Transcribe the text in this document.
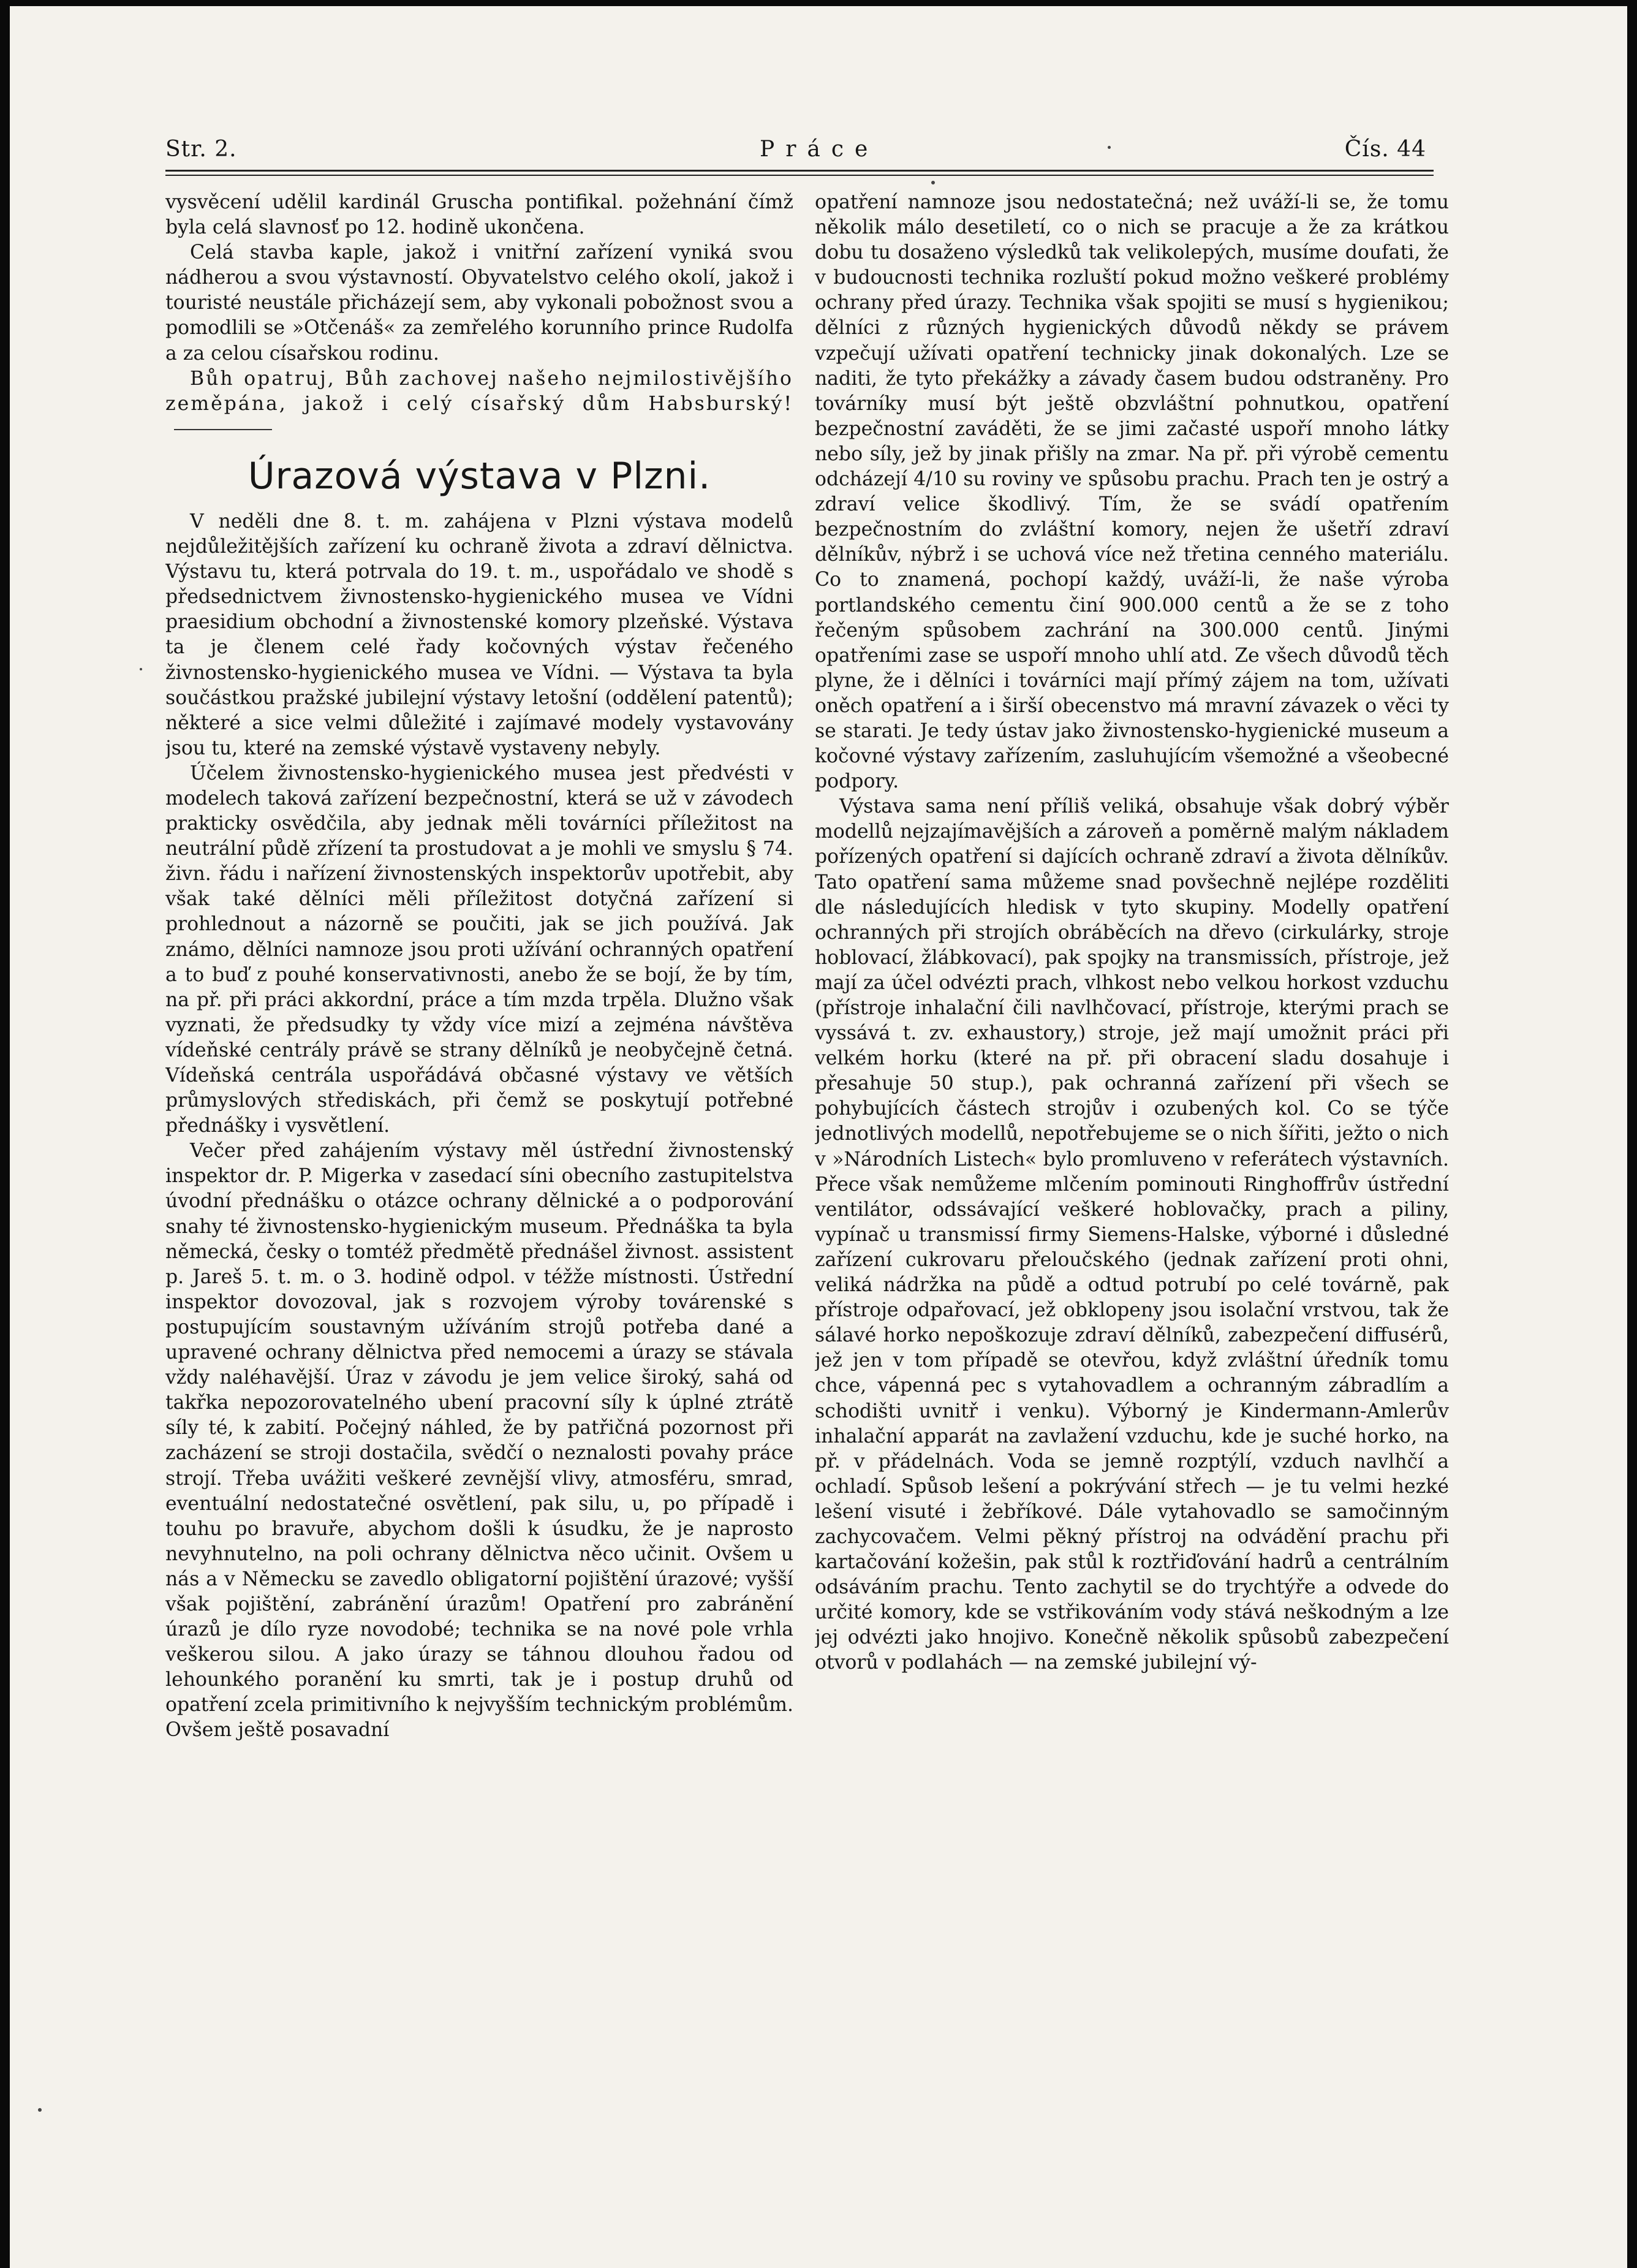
Str. 2.	Práce	Čís. 44

vysvěcení udělil kardinál Gruscha pontifikal. požehnání čímž byla celá slavnosť po 12. hodině ukončena.

Celá stavba kaple, jakož i vnitřní zařízení vyniká svou nádherou a svou výstavností. Obyvatelstvo celého okolí, jakož i touristé neustále přicházejí sem, aby vykonali pobožnost svou a pomodlili se »Otčenáš« za zemřelého korunního prince Rudolfa a za celou císařskou rodinu.

Bůh opatruj, Bůh zachovej našeho nejmilostivějšího zeměpána, jakož i celý císařský dům Habsburský!

Úrazová výstava v Plzni.

V neděli dne 8. t. m. zahájena v Plzni výstava modelů nejdůležitějších zařízení ku ochraně života a zdraví dělnictva. Výstavu tu, která potrvala do 19. t. m., uspořádalo ve shodě s předsednictvem živnostensko-hygienického musea ve Vídni praesidium obchodní a živnostenské komory plzeňské. Výstava ta je členem celé řady kočovných výstav řečeného živnostensko-hygienického musea ve Vídni. — Výstava ta byla součástkou pražské jubilejní výstavy letošní (oddělení patentů); některé a sice velmi důležité i zajímavé modely vystavovány jsou tu, které na zemské výstavě vystaveny nebyly.

Účelem živnostensko-hygienického musea jest předvésti v modelech taková zařízení bezpečnostní, která se už v závodech prakticky osvědčila, aby jednak měli továrníci příležitost na neutrální půdě zřízení ta prostudovat a je mohli ve smyslu § 74. živn. řádu i nařízení živnostenských inspektorův upotřebit, aby však také dělníci měli příležitost dotyčná zařízení si prohlednout a názorně se poučiti, jak se jich používá. Jak známo, dělníci namnoze jsou proti užívání ochranných opatření a to buď z pouhé konservativnosti, anebo že se bojí, že by tím, na př. při práci akkordní, práce a tím mzda trpěla. Dlužno však vyznati, že předsudky ty vždy více mizí a zejména návštěva vídeňské centrály právě se strany dělníků je neobyčejně četná. Vídeňská centrála uspořádává občasné výstavy ve větších průmyslových střediskách, při čemž se poskytují potřebné přednášky i vysvětlení.

Večer před zahájením výstavy měl ústřední živnostenský inspektor dr. P. Migerka v zasedací síni obecního zastupitelstva úvodní přednášku o otázce ochrany dělnické a o podporování snahy té živnostensko-hygienickým museum. Přednáška ta byla německá, česky o tomtéž předmětě přednášel živnost. assistent p. Jareš 5. t. m. o 3. hodině odpol. v téžže místnosti. Ústřední inspektor dovozoval, jak s rozvojem výroby továrenské s postupujícím soustavným užíváním strojů potřeba dané a upravené ochrany dělnictva před nemocemi a úrazy se stávala vždy naléhavější. Úraz v závodu je jem velice široký, sahá od takřka nepozorovatelného ubení pracovní síly k úplné ztrátě síly té, k zabití. Počejný náhled, že by patřičná pozornost při zacházení se stroji dostačila, svědčí o neznalosti povahy práce strojí. Třeba uvážiti veškeré zevnější vlivy, atmosféru, smrad, eventuální nedostatečné osvětlení, pak silu, u, po případě i touhu po bravuře, abychom došli k úsudku, že je naprosto nevyhnutelno, na poli ochrany dělnictva něco učinit. Ovšem u nás a v Německu se zavedlo obligatorní pojištění úrazové; vyšší však pojištění, zabránění úrazům! Opatření pro zabránění úrazů je dílo ryze novodobé; technika se na nové pole vrhla veškerou silou. A jako úrazy se táhnou dlouhou řadou od lehounkého poranění ku smrti, tak je i postup druhů od opatření zcela primitivního k nejvyšším technickým problémům. Ovšem ještě posavadní

opatření namnoze jsou nedostatečná; než uváží-li se, že tomu několik málo desetiletí, co o nich se pracuje a že za krátkou dobu tu dosaženo výsledků tak velikolepých, musíme doufati, že v budoucnosti technika rozluští pokud možno veškeré problémy ochrany před úrazy. Technika však spojiti se musí s hygienikou; dělníci z různých hygienických důvodů někdy se právem vzpečují užívati opatření technicky jinak dokonalých. Lze se naditi, že tyto překážky a závady časem budou odstraněny. Pro továrníky musí být ještě obzvláštní pohnutkou, opatření bezpečnostní zaváděti, že se jimi začasté uspoří mnoho látky nebo síly, jež by jinak přišly na zmar. Na př. při výrobě cementu odcházejí 4/10 su roviny ve spůsobu prachu. Prach ten je ostrý a zdraví velice škodlivý. Tím, že se svádí opatřením bezpečnostním do zvláštní komory, nejen že ušetří zdraví dělníkův, nýbrž i se uchová více než třetina cenného materiálu. Co to znamená, pochopí každý, uváží-li, že naše výroba portlandského cementu činí 900.000 centů a že se z toho řečeným spůsobem zachrání na 300.000 centů. Jinými opatřeními zase se uspoří mnoho uhlí atd. Ze všech důvodů těch plyne, že i dělníci i továrníci mají přímý zájem na tom, užívati oněch opatření a i širší obecenstvo má mravní závazek o věci ty se starati. Je tedy ústav jako živnostensko-hygienické museum a kočovné výstavy zařízením, zasluhujícím všemožné a všeobecné podpory.

Výstava sama není příliš veliká, obsahuje však dobrý výběr modellů nejzajímavějších a zároveň a poměrně malým nákladem pořízených opatření si dajících ochraně zdraví a života dělníkův. Tato opatření sama můžeme snad povšechně nejlépe rozděliti dle následujících hledisk v tyto skupiny. Modelly opatření ochranných při strojích obráběcích na dřevo (cirkulárky, stroje hoblovací, žlábkovací), pak spojky na transmissích, přístroje, jež mají za účel odvézti prach, vlhkost nebo velkou horkost vzduchu (přístroje inhalační čili navlhčovací, přístroje, kterými prach se vyssává t. zv. exhaustory,) stroje, jež mají umožnit práci při velkém horku (které na př. při obracení sladu dosahuje i přesahuje 50 stup.), pak ochranná zařízení při všech se pohybujících částech strojův i ozubených kol. Co se týče jednotlivých modellů, nepotřebujeme se o nich šířiti, ježto o nich v »Národních Listech« bylo promluveno v referátech výstavních. Přece však nemůžeme mlčením pominouti Ringhoffrův ústřední ventilátor, odssávající veškeré hoblovačky, prach a piliny, vypínač u transmissí firmy Siemens-Halske, výborné i důsledné zařízení cukrovaru přeloučského (jednak zařízení proti ohni, veliká nádržka na půdě a odtud potrubí po celé továrně, pak přístroje odpařovací, jež obklopeny jsou isolační vrstvou, tak že sálavé horko nepoškozuje zdraví dělníků, zabezpečení diffusérů, jež jen v tom případě se otevřou, když zvláštní úředník tomu chce, vápenná pec s vytahovadlem a ochranným zábradlím a schodišti uvnitř i venku). Výborný je Kindermann-Amlerův inhalační apparát na zavlažení vzduchu, kde je suché horko, na př. v přádelnách. Voda se jemně rozptýlí, vzduch navlhčí a ochladí. Spůsob lešení a pokrývání střech — je tu velmi hezké lešení visuté i žebříkové. Dále vytahovadlo se samočinným zachycovačem. Velmi pěkný přístroj na odvádění prachu při kartačování kožešin, pak stůl k roztřiďování hadrů a centrálním odsáváním prachu. Tento zachytil se do trychtýře a odvede do určité komory, kde se vstřikováním vody stává neškodným a lze jej odvézti jako hnojivo. Konečně několik spůsobů zabezpečení otvorů v podlahách — na zemské jubilejní vý-
